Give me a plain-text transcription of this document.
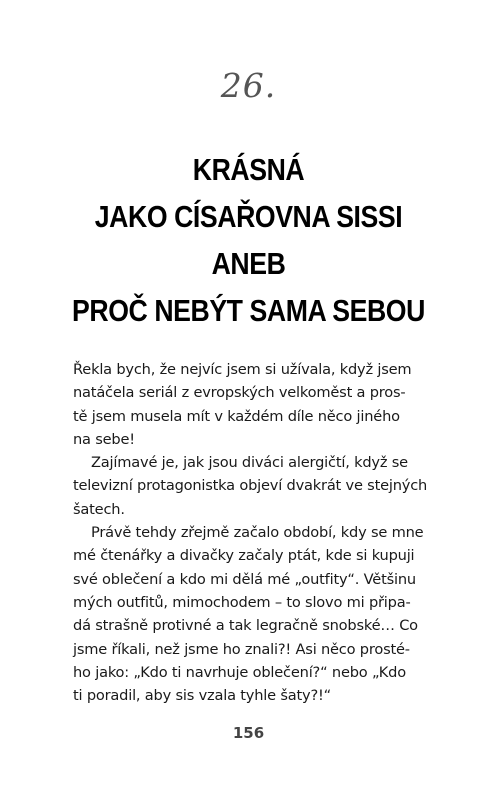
26.
KRÁSNÁ
JAKO CÍSAŘOVNA SISSI
ANEB
PROČ NEBÝT SAMA SEBOU

Řekla bych, že nejvíc jsem si užívala, když jsem
natáčela seriál z evropských velkoměst a pros-
tě jsem musela mít v každém díle něco jiného
na sebe!

Zajímavé je, jak jsou diváci alergičtí, když se
televizní protagonistka objeví dvakrát ve stejných
šatech.

Právě tehdy zřejmě začalo období, kdy se mne
mé čtenářky a divačky začaly ptát, kde si kupuji
své oblečení a kdo mi dělá mé „outfity“. Většinu
mých outfitů, mimochodem – to slovo mi připa-
dá strašně protivné a tak legračně snobské… Co
jsme říkali, než jsme ho znali?! Asi něco prosté-
ho jako: „Kdo ti navrhuje oblečení?“ nebo „Kdo
ti poradil, aby sis vzala tyhle šaty?!“

156
